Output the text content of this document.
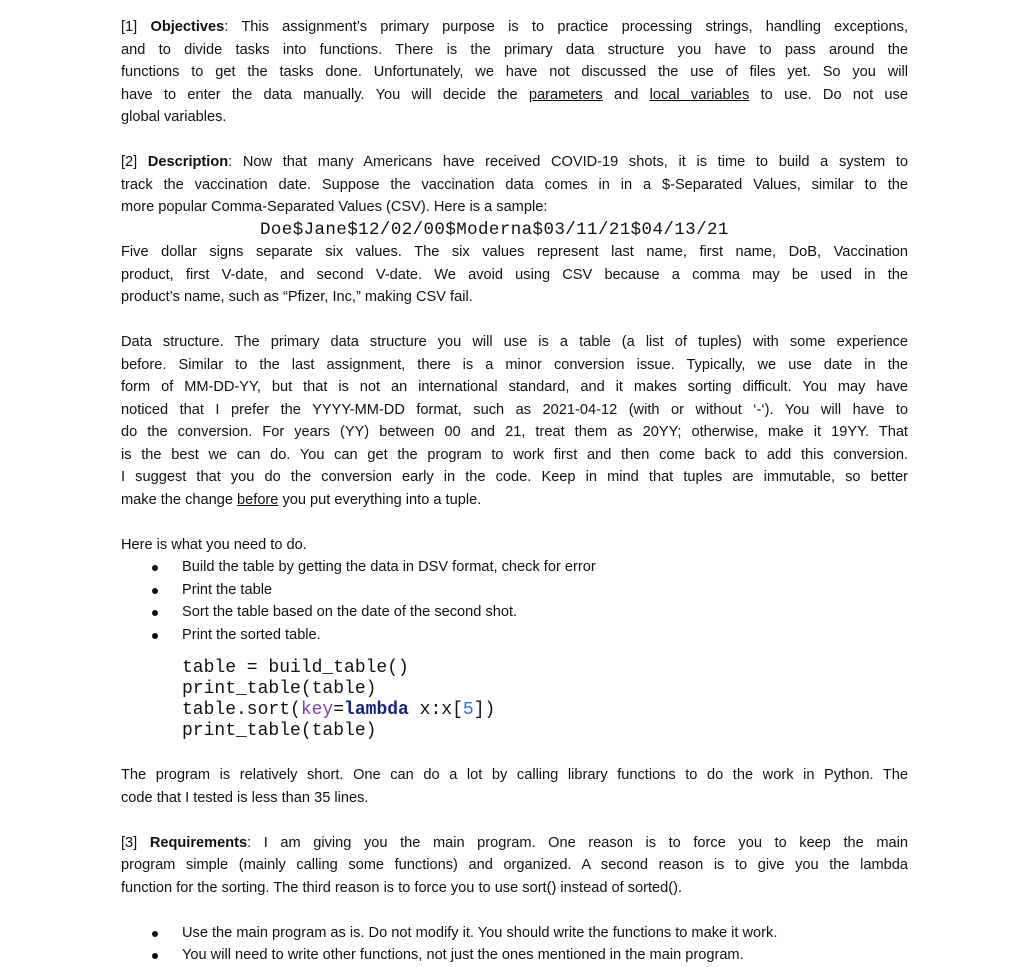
[1] Objectives: This assignment’s primary purpose is to practice processing strings, handling exceptions,
and to divide tasks into functions. There is the primary data structure you have to pass around the
functions to get the tasks done. Unfortunately, we have not discussed the use of files yet. So you will
have to enter the data manually. You will decide the parameters and local variables to use. Do not use
global variables.
[2] Description: Now that many Americans have received COVID-19 shots, it is time to build a system to
track the vaccination date. Suppose the vaccination data comes in in a $-Separated Values, similar to the
more popular Comma-Separated Values (CSV). Here is a sample:
Doe$Jane$12/02/00$Moderna$03/11/21$04/13/21
Five dollar signs separate six values. The six values represent last name, first name, DoB, Vaccination
product, first V-date, and second V-date. We avoid using CSV because a comma may be used in the
product’s name, such as “Pfizer, Inc,” making CSV fail.
Data structure. The primary data structure you will use is a table (a list of tuples) with some experience
before. Similar to the last assignment, there is a minor conversion issue. Typically, we use date in the
form of MM-DD-YY, but that is not an international standard, and it makes sorting difficult. You may have
noticed that I prefer the YYYY-MM-DD format, such as 2021-04-12 (with or without ‘-‘). You will have to
do the conversion. For years (YY) between 00 and 21, treat them as 20YY; otherwise, make it 19YY. That
is the best we can do. You can get the program to work first and then come back to add this conversion.
I suggest that you do the conversion early in the code. Keep in mind that tuples are immutable, so better
make the change before you put everything into a tuple.
Here is what you need to do.
Build the table by getting the data in DSV format, check for error
Print the table
Sort the table based on the date of the second shot.
Print the sorted table.
table = build_table()
print_table(table)
table.sort(key=lambda x:x[5])
print_table(table)
The program is relatively short. One can do a lot by calling library functions to do the work in Python. The
code that I tested is less than 35 lines.
[3] Requirements: I am giving you the main program. One reason is to force you to keep the main
program simple (mainly calling some functions) and organized. A second reason is to give you the lambda
function for the sorting. The third reason is to force you to use sort() instead of sorted().
Use the main program as is. Do not modify it. You should write the functions to make it work.
You will need to write other functions, not just the ones mentioned in the main program.
